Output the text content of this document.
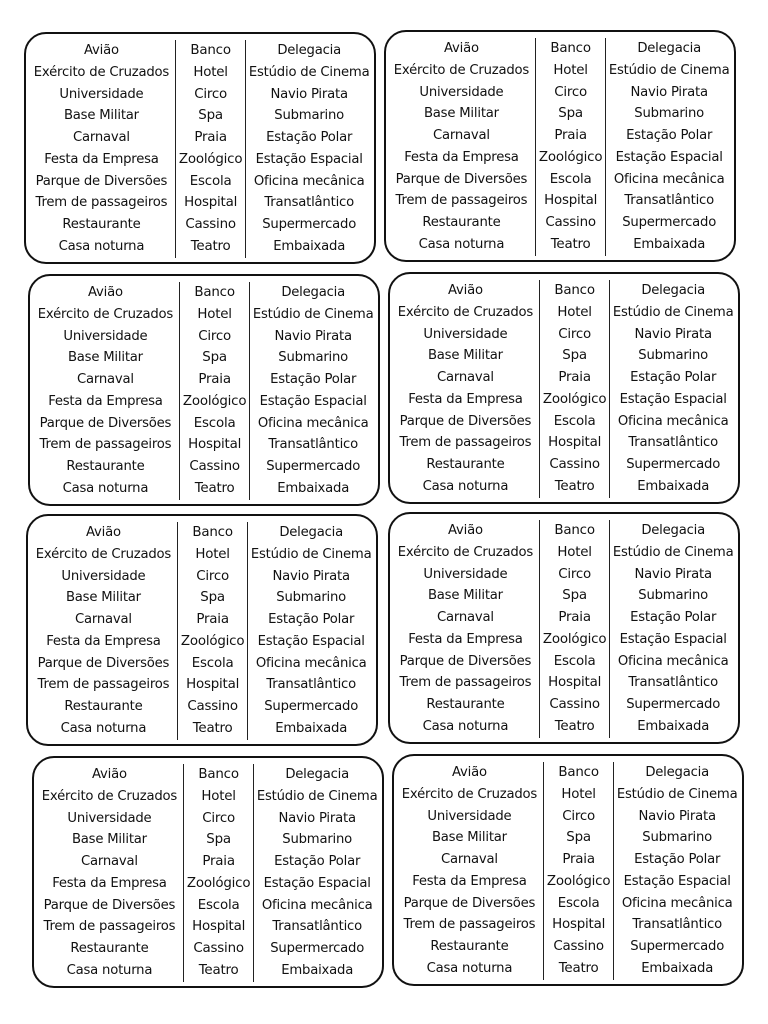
Avião
Exército de Cruzados
Universidade
Base Militar
Carnaval
Festa da Empresa
Parque de Diversões
Trem de passageiros
Restaurante
Casa noturna
Banco
Hotel
Circo
Spa
Praia
Zoológico
Escola
Hospital
Cassino
Teatro
Delegacia
Estúdio de Cinema
Navio Pirata
Submarino
Estação Polar
Estação Espacial
Oficina mecânica
Transatlântico
Supermercado
Embaixada
Avião
Exército de Cruzados
Universidade
Base Militar
Carnaval
Festa da Empresa
Parque de Diversões
Trem de passageiros
Restaurante
Casa noturna
Banco
Hotel
Circo
Spa
Praia
Zoológico
Escola
Hospital
Cassino
Teatro
Delegacia
Estúdio de Cinema
Navio Pirata
Submarino
Estação Polar
Estação Espacial
Oficina mecânica
Transatlântico
Supermercado
Embaixada
Avião
Exército de Cruzados
Universidade
Base Militar
Carnaval
Festa da Empresa
Parque de Diversões
Trem de passageiros
Restaurante
Casa noturna
Banco
Hotel
Circo
Spa
Praia
Zoológico
Escola
Hospital
Cassino
Teatro
Delegacia
Estúdio de Cinema
Navio Pirata
Submarino
Estação Polar
Estação Espacial
Oficina mecânica
Transatlântico
Supermercado
Embaixada
Avião
Exército de Cruzados
Universidade
Base Militar
Carnaval
Festa da Empresa
Parque de Diversões
Trem de passageiros
Restaurante
Casa noturna
Banco
Hotel
Circo
Spa
Praia
Zoológico
Escola
Hospital
Cassino
Teatro
Delegacia
Estúdio de Cinema
Navio Pirata
Submarino
Estação Polar
Estação Espacial
Oficina mecânica
Transatlântico
Supermercado
Embaixada
Avião
Exército de Cruzados
Universidade
Base Militar
Carnaval
Festa da Empresa
Parque de Diversões
Trem de passageiros
Restaurante
Casa noturna
Banco
Hotel
Circo
Spa
Praia
Zoológico
Escola
Hospital
Cassino
Teatro
Delegacia
Estúdio de Cinema
Navio Pirata
Submarino
Estação Polar
Estação Espacial
Oficina mecânica
Transatlântico
Supermercado
Embaixada
Avião
Exército de Cruzados
Universidade
Base Militar
Carnaval
Festa da Empresa
Parque de Diversões
Trem de passageiros
Restaurante
Casa noturna
Banco
Hotel
Circo
Spa
Praia
Zoológico
Escola
Hospital
Cassino
Teatro
Delegacia
Estúdio de Cinema
Navio Pirata
Submarino
Estação Polar
Estação Espacial
Oficina mecânica
Transatlântico
Supermercado
Embaixada
Avião
Exército de Cruzados
Universidade
Base Militar
Carnaval
Festa da Empresa
Parque de Diversões
Trem de passageiros
Restaurante
Casa noturna
Banco
Hotel
Circo
Spa
Praia
Zoológico
Escola
Hospital
Cassino
Teatro
Delegacia
Estúdio de Cinema
Navio Pirata
Submarino
Estação Polar
Estação Espacial
Oficina mecânica
Transatlântico
Supermercado
Embaixada
Avião
Exército de Cruzados
Universidade
Base Militar
Carnaval
Festa da Empresa
Parque de Diversões
Trem de passageiros
Restaurante
Casa noturna
Banco
Hotel
Circo
Spa
Praia
Zoológico
Escola
Hospital
Cassino
Teatro
Delegacia
Estúdio de Cinema
Navio Pirata
Submarino
Estação Polar
Estação Espacial
Oficina mecânica
Transatlântico
Supermercado
Embaixada
